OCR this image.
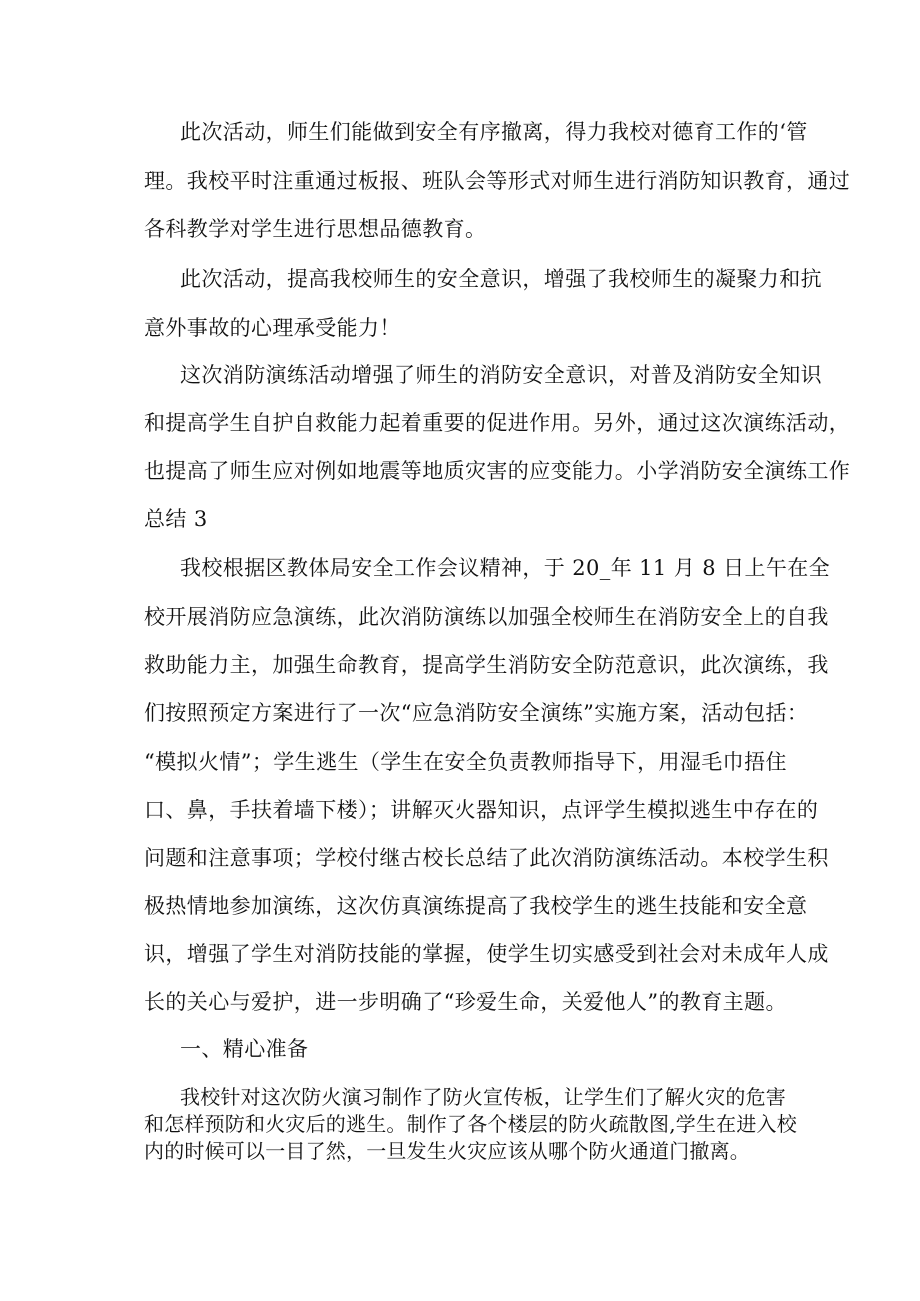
此次活动，师生们能做到安全有序撤离，得力我校对德育工作的‘管
理。我校平时注重通过板报、班队会等形式对师生进行消防知识教育，通过
各科教学对学生进行思想品德教育。
此次活动，提高我校师生的安全意识，增强了我校师生的凝聚力和抗
意外事故的心理承受能力！
这次消防演练活动增强了师生的消防安全意识，对普及消防安全知识
和提高学生自护自救能力起着重要的促进作用。另外，通过这次演练活动，
也提高了师生应对例如地震等地质灾害的应变能力。小学消防安全演练工作
总结 3
我校根据区教体局安全工作会议精神，于 20_年 11 月 8 日上午在全
校开展消防应急演练，此次消防演练以加强全校师生在消防安全上的自我
救助能力主，加强生命教育，提高学生消防安全防范意识，此次演练，我
们按照预定方案进行了一次“应急消防安全演练”实施方案，活动包括：
“模拟火情”；学生逃生（学生在安全负责教师指导下，用湿毛巾捂住
口、鼻，手扶着墙下楼）；讲解灭火器知识，点评学生模拟逃生中存在的
问题和注意事项；学校付继古校长总结了此次消防演练活动。本校学生积
极热情地参加演练，这次仿真演练提高了我校学生的逃生技能和安全意
识，增强了学生对消防技能的掌握，使学生切实感受到社会对未成年人成
长的关心与爱护，进一步明确了“珍爱生命，关爱他人”的教育主题。
一、精心准备
我校针对这次防火演习制作了防火宣传板，让学生们了解火灾的危害
和怎样预防和火灾后的逃生。制作了各个楼层的防火疏散图,学生在进入校
内的时候可以一目了然，一旦发生火灾应该从哪个防火通道门撤离。
